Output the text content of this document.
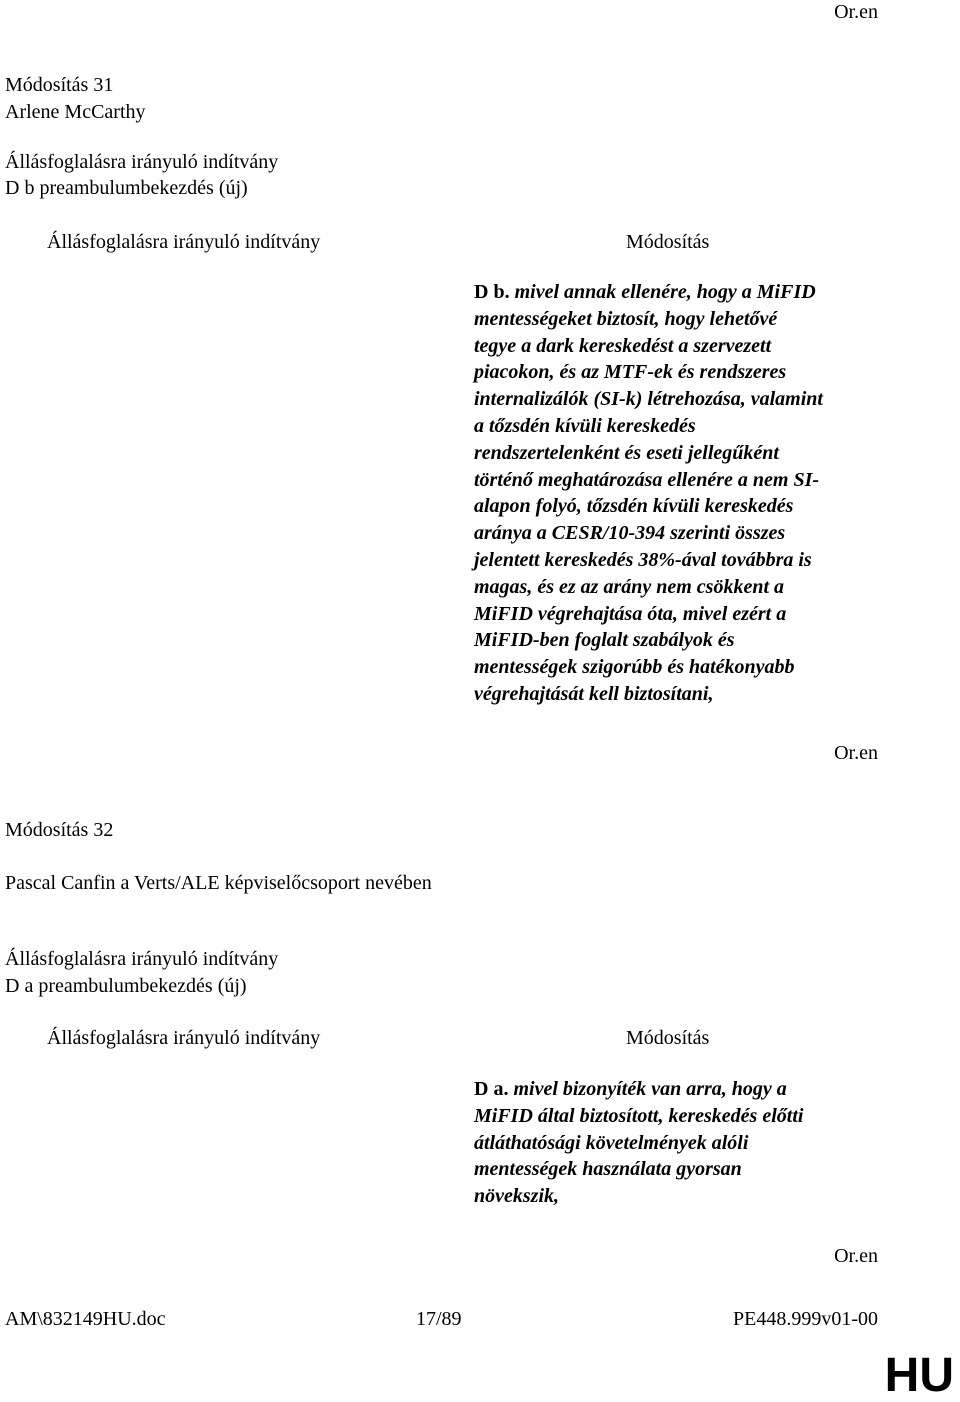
Or.en
Módosítás 31
Arlene McCarthy
Állásfoglalásra irányuló indítvány
D b preambulumbekezdés (új)
Állásfoglalásra irányuló indítvány	Módosítás
D b. mivel annak ellenére, hogy a MiFID
mentességeket biztosít, hogy lehetővé
tegye a dark kereskedést a szervezett
piacokon, és az MTF-ek és rendszeres
internalizálók (SI-k) létrehozása, valamint
a tőzsdén kívüli kereskedés
rendszertelenként és eseti jellegűként
történő meghatározása ellenére a nem SI-
alapon folyó, tőzsdén kívüli kereskedés
aránya a CESR/10-394 szerinti összes
jelentett kereskedés 38%-ával továbbra is
magas, és ez az arány nem csökkent a
MiFID végrehajtása óta, mivel ezért a
MiFID-ben foglalt szabályok és
mentességek szigorúbb és hatékonyabb
végrehajtását kell biztosítani,
Or.en
Módosítás 32
Pascal Canfin a Verts/ALE képviselőcsoport nevében
Állásfoglalásra irányuló indítvány
D a preambulumbekezdés (új)
Állásfoglalásra irányuló indítvány	Módosítás
D a. mivel bizonyíték van arra, hogy a
MiFID által biztosított, kereskedés előtti
átláthatósági követelmények alóli
mentességek használata gyorsan
növekszik,
Or.en
AM\832149HU.doc	17/89	PE448.999v01-00
HU
